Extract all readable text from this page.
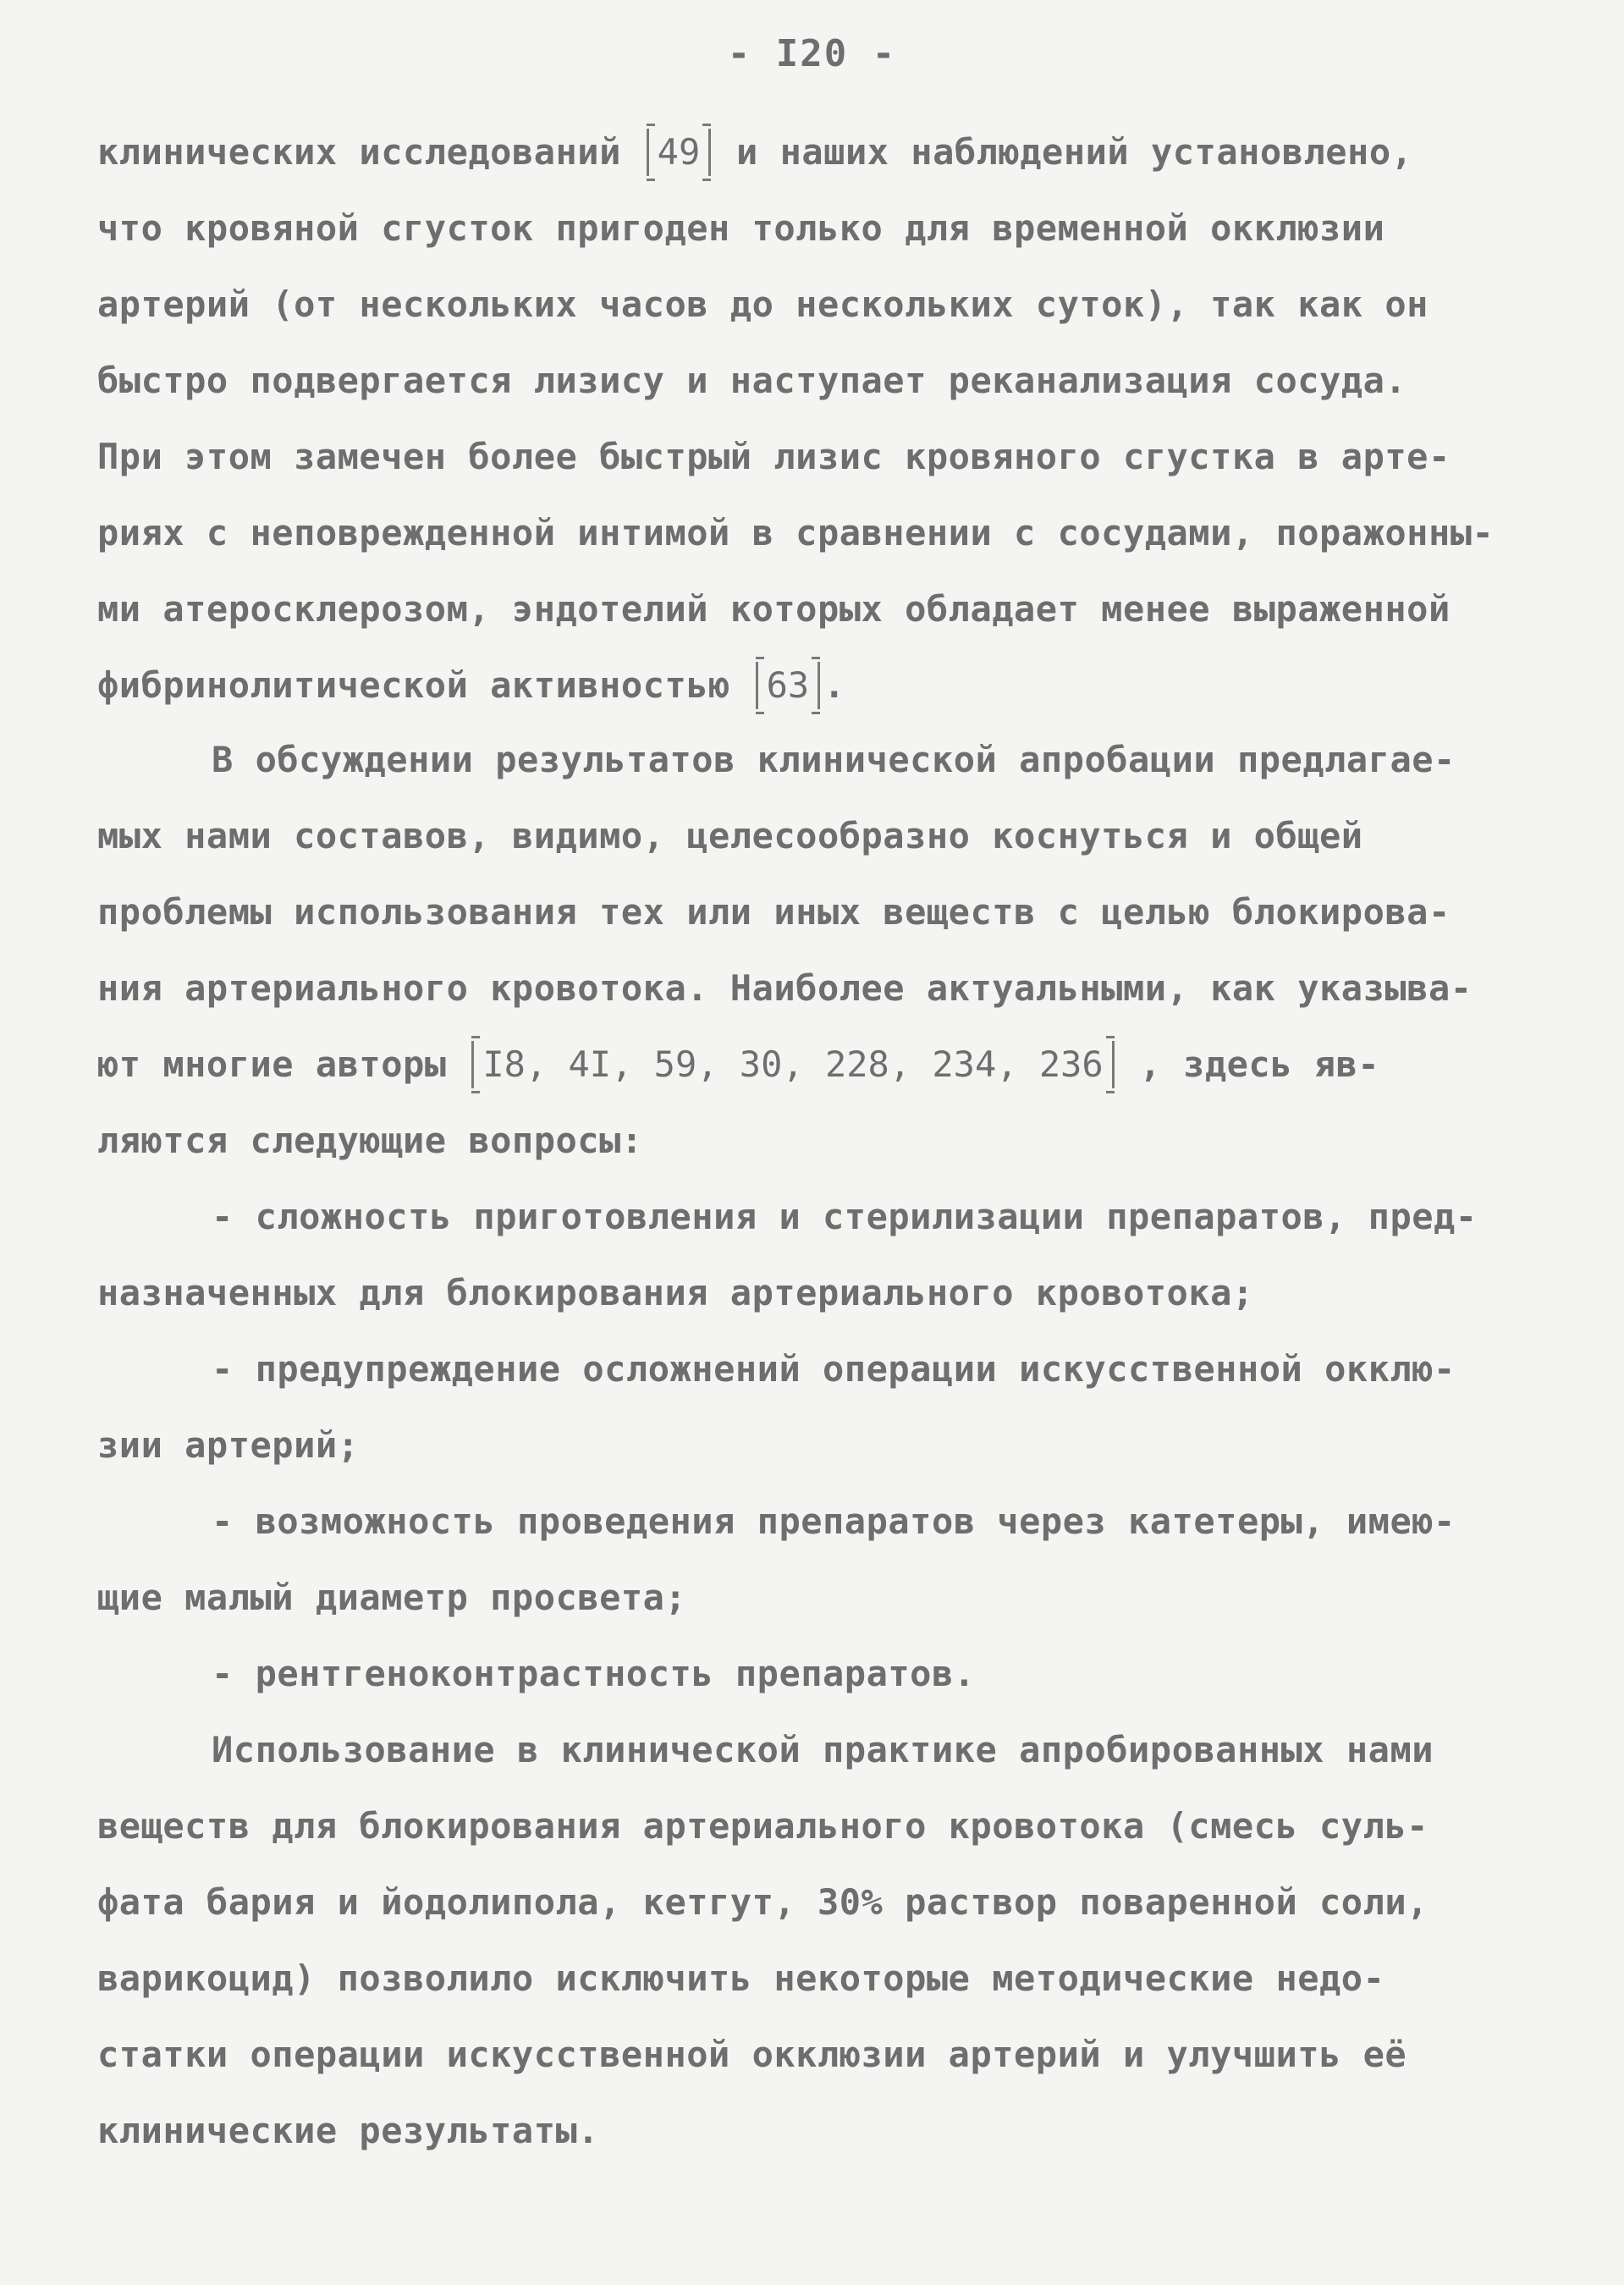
- I20 -
клинических исследований 49 и наших наблюдений установлено,
что кровяной сгусток пригоден только для временной окклюзии
артерий (от нескольких часов до нескольких суток), так как он
быстро подвергается лизису и наступает реканализация сосуда.
При этом замечен более быстрый лизис кровяного сгустка в арте-
риях с неповрежденной интимой в сравнении с сосудами, поражонны-
ми атеросклерозом, эндотелий которых обладает менее выраженной
фибринолитической активностью 63 .
В обсуждении результатов клинической апробации предлагае-
мых нами составов, видимо, целесообразно коснуться и общей
проблемы использования тех или иных веществ с целью блокирова-
ния артериального кровотока. Наиболее актуальными, как указыва-
ют многие авторы I8, 4I, 59, 30, 228, 234, 236 , здесь яв-
ляются следующие вопросы:
- сложность приготовления и стерилизации препаратов, пред-
назначенных для блокирования артериального кровотока;
- предупреждение осложнений операции искусственной окклю-
зии артерий;
- возможность проведения препаратов через катетеры, имею-
щие малый диаметр просвета;
- рентгеноконтрастность препаратов.
Использование в клинической практике апробированных нами
веществ для блокирования артериального кровотока (смесь суль-
фата бария и йодолипола, кетгут, 30% раствор поваренной соли,
варикоцид) позволило исключить некоторые методические недо-
статки операции искусственной окклюзии артерий и улучшить её
клинические результаты.
